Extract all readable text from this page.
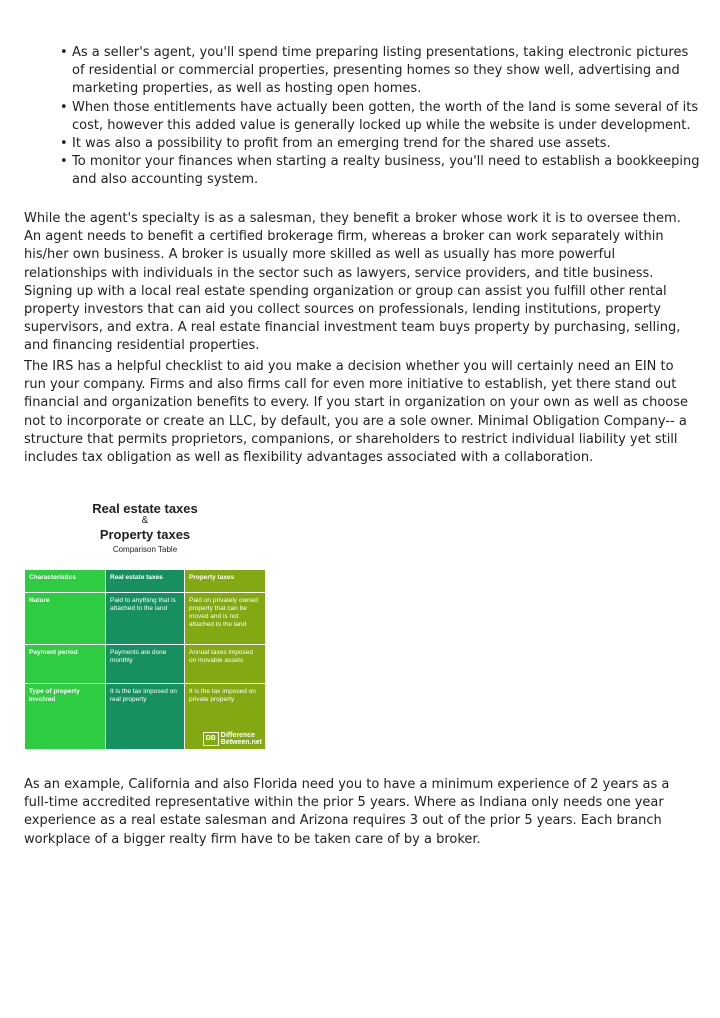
• As a seller's agent, you'll spend time preparing listing presentations, taking electronic pictures of residential or commercial properties, presenting homes so they show well, advertising and marketing properties, as well as hosting open homes.
• When those entitlements have actually been gotten, the worth of the land is some several of its cost, however this added value is generally locked up while the website is under development.
• It was also a possibility to profit from an emerging trend for the shared use assets.
• To monitor your finances when starting a realty business, you'll need to establish a bookkeeping and also accounting system.

While the agent's specialty is as a salesman, they benefit a broker whose work it is to oversee them. An agent needs to benefit a certified brokerage firm, whereas a broker can work separately within his/her own business. A broker is usually more skilled as well as usually has more powerful relationships with individuals in the sector such as lawyers, service providers, and title business. Signing up with a local real estate spending organization or group can assist you fulfill other rental property investors that can aid you collect sources on professionals, lending institutions, property supervisors, and extra. A real estate financial investment team buys property by purchasing, selling, and financing residential properties.

The IRS has a helpful checklist to aid you make a decision whether you will certainly need an EIN to run your company. Firms and also firms call for even more initiative to establish, yet there stand out financial and organization benefits to every. If you start in organization on your own as well as choose not to incorporate or create an LLC, by default, you are a sole owner. Minimal Obligation Company-- a structure that permits proprietors, companions, or shareholders to restrict individual liability yet still includes tax obligation as well as flexibility advantages associated with a collaboration.

Real estate taxes
&
Property taxes
Comparison Table
Characteristics	Real estate taxes	Property taxes
Nature	Paid to anything that is attached to the land	Paid on privately owned property that can be moved and is not attached to the land
Payment period	Payments are done monthly	Annual taxes imposed on movable assets
Type of property involved	It is the tax imposed on real property	It is the tax imposed on private property
DB Difference
Between.net

As an example, California and also Florida need you to have a minimum experience of 2 years as a full-time accredited representative within the prior 5 years. Where as Indiana only needs one year experience as a real estate salesman and Arizona requires 3 out of the prior 5 years. Each branch workplace of a bigger realty firm have to be taken care of by a broker.
